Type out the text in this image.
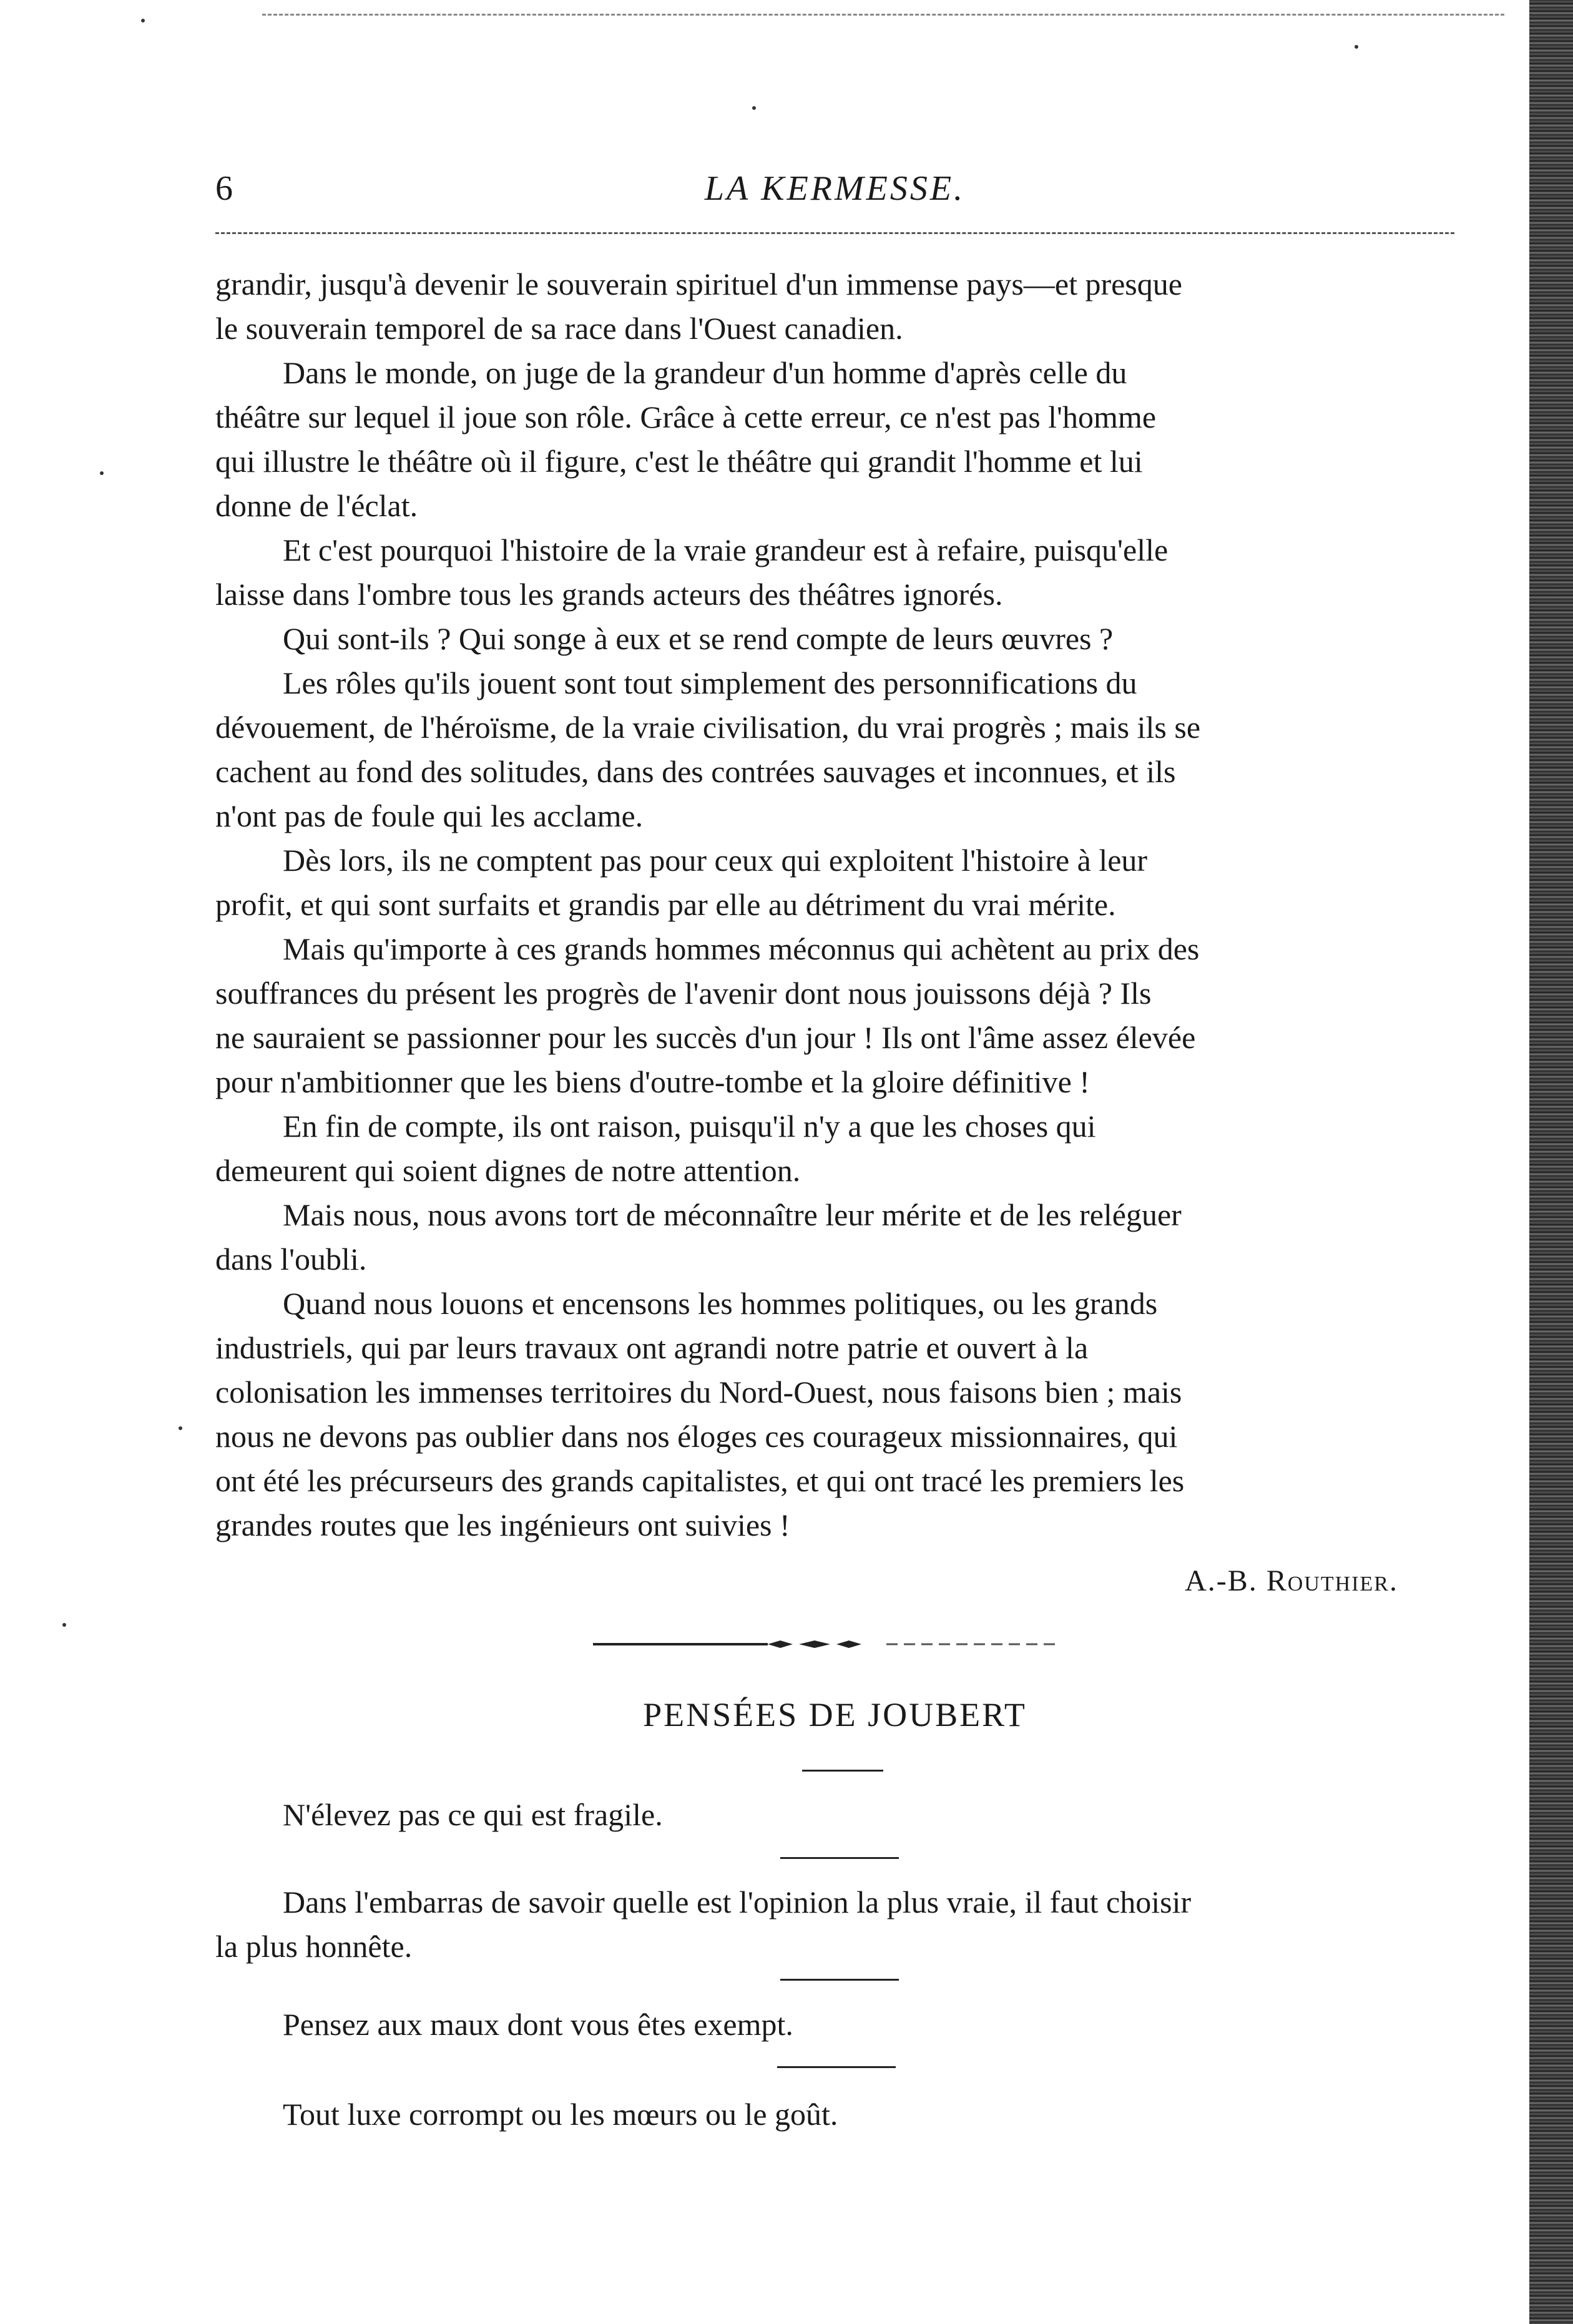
6	LA KERMESSE.

grandir, jusqu'à devenir le souverain spirituel d'un immense pays—et presque
le souverain temporel de sa race dans l'Ouest canadien.

Dans le monde, on juge de la grandeur d'un homme d'après celle du
théâtre sur lequel il joue son rôle. Grâce à cette erreur, ce n'est pas l'homme
qui illustre le théâtre où il figure, c'est le théâtre qui grandit l'homme et lui
donne de l'éclat.

Et c'est pourquoi l'histoire de la vraie grandeur est à refaire, puisqu'elle
laisse dans l'ombre tous les grands acteurs des théâtres ignorés.

Qui sont-ils ? Qui songe à eux et se rend compte de leurs œuvres ?

Les rôles qu'ils jouent sont tout simplement des personnifications du
dévouement, de l'héroïsme, de la vraie civilisation, du vrai progrès ; mais ils se
cachent au fond des solitudes, dans des contrées sauvages et inconnues, et ils
n'ont pas de foule qui les acclame.

Dès lors, ils ne comptent pas pour ceux qui exploitent l'histoire à leur
profit, et qui sont surfaits et grandis par elle au détriment du vrai mérite.

Mais qu'importe à ces grands hommes méconnus qui achètent au prix des
souffrances du présent les progrès de l'avenir dont nous jouissons déjà ? Ils
ne sauraient se passionner pour les succès d'un jour ! Ils ont l'âme assez élevée
pour n'ambitionner que les biens d'outre-tombe et la gloire définitive !

En fin de compte, ils ont raison, puisqu'il n'y a que les choses qui
demeurent qui soient dignes de notre attention.

Mais nous, nous avons tort de méconnaître leur mérite et de les reléguer
dans l'oubli.

Quand nous louons et encensons les hommes politiques, ou les grands
industriels, qui par leurs travaux ont agrandi notre patrie et ouvert à la
colonisation les immenses territoires du Nord-Ouest, nous faisons bien ; mais
nous ne devons pas oublier dans nos éloges ces courageux missionnaires, qui
ont été les précurseurs des grands capitalistes, et qui ont tracé les premiers les
grandes routes que les ingénieurs ont suivies !

A.-B. Routhier.
PENSÉES DE JOUBERT

N'élevez pas ce qui est fragile.

Dans l'embarras de savoir quelle est l'opinion la plus vraie, il faut choisir
la plus honnête.

Pensez aux maux dont vous êtes exempt.

Tout luxe corrompt ou les mœurs ou le goût.
